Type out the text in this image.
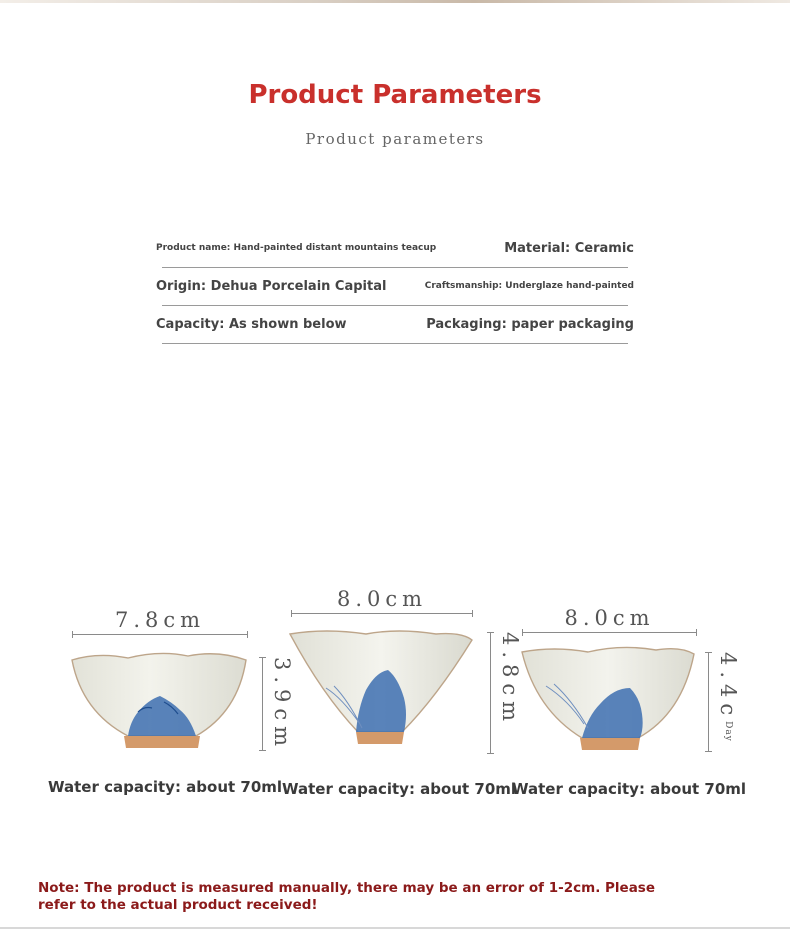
Product Parameters
Product parameters
Product name: Hand-painted distant mountains teacup	Material: Ceramic
Origin: Dehua Porcelain Capital	Craftsmanship: Underglaze hand-painted
Capacity: As shown below	Packaging: paper packaging
7.8cm
3.9cm
Water capacity: about 70ml
8.0cm
4.8cm
Water capacity: about 70ml
8.0cm
4.4cDay
Water capacity: about 70ml
Note: The product is measured manually, there may be an error of 1-2cm. Please refer to the actual product received!
